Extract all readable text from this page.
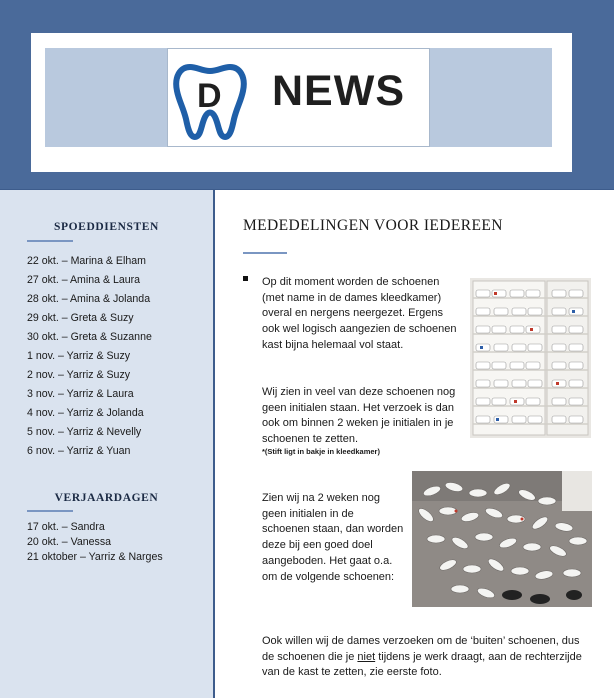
D NEWS
SPOEDDIENSTEN
22 okt. – Marina & Elham
27 okt. – Amina & Laura
28 okt. – Amina & Jolanda
29 okt. – Greta & Suzy
30 okt. – Greta & Suzanne
1 nov. – Yarriz & Suzy
2 nov. – Yarriz & Suzy
3 nov. – Yarriz & Laura
4 nov. – Yarriz & Jolanda
5 nov. – Yarriz & Nevelly
6 nov. – Yarriz & Yuan
VERJAARDAGEN
17 okt. – Sandra
20 okt. – Vanessa
21 oktober – Yarriz & Narges
MEDEDELINGEN VOOR IEDEREEN

Op dit moment worden de schoenen (met name in de dames kleedkamer) overal en nergens neergezet. Ergens ook wel logisch aangezien de schoenen kast bijna helemaal vol staat.

Wij zien in veel van deze schoenen nog geen initialen staan. Het verzoek is dan ook om binnen 2 weken je initialen in je schoenen te zetten.

*(Stift ligt in bakje in kleedkamer)

Zien wij na 2 weken nog geen initialen in de schoenen staan, dan worden deze bij een goed doel aangeboden. Het gaat o.a. om de volgende schoenen:

Ook willen wij de dames verzoeken om de ‘buiten’ schoenen, dus de schoenen die je niet tijdens je werk draagt, aan de rechterzijde van de kast te zetten, zie eerste foto.
